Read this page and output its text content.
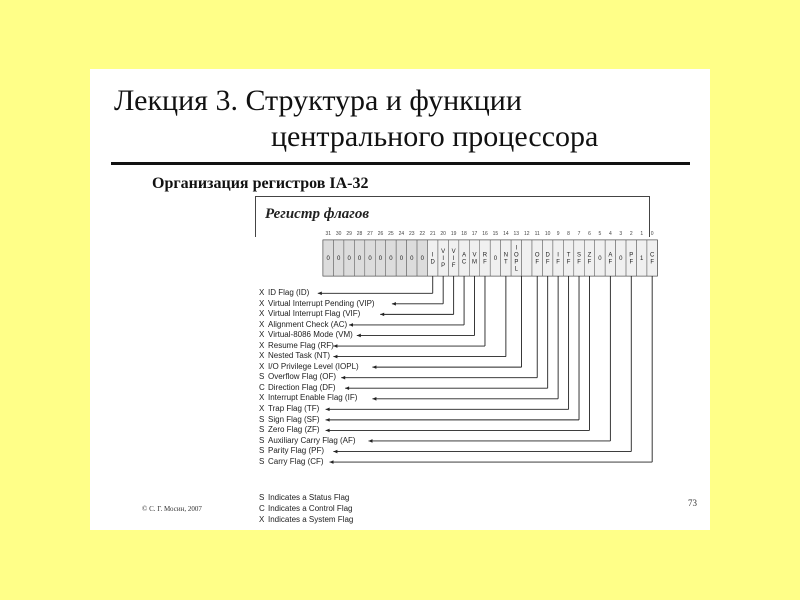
Лекция 3. Структура и функции
центрального процессора
Организация регистров IA-32
Регистр флагов
31 30 29 28 27 26 25 24 23 22 21 20 19 18 17 16 15 14 13 12 11 10 9 8 7 6 5 4 3 2 1 0
0 0 0 0 0 0 0 0 0 0
I
D
V
I
P
V
I
F
A
C
V
M
R
F
0
N
T
I
O
P
L
O
F
D
F
I
F
T
F
S
F
Z
F
0
A
F
0
P
F
1
C
F
X ID Flag (ID)
X Virtual Interrupt Pending (VIP)
X Virtual Interrupt Flag (VIF)
X Alignment Check (AC)
X Virtual-8086 Mode (VM)
X Resume Flag (RF)
X Nested Task (NT)
X I/O Privilege Level (IOPL)
S Overflow Flag (OF)
C Direction Flag (DF)
X Interrupt Enable Flag (IF)
X Trap Flag (TF)
S Sign Flag (SF)
S Zero Flag (ZF)
S Auxiliary Carry Flag (AF)
S Parity Flag (PF)
S Carry Flag (CF)
S Indicates a Status Flag
C Indicates a Control Flag
X Indicates a System Flag
© С. Г. Мосин, 2007
73
